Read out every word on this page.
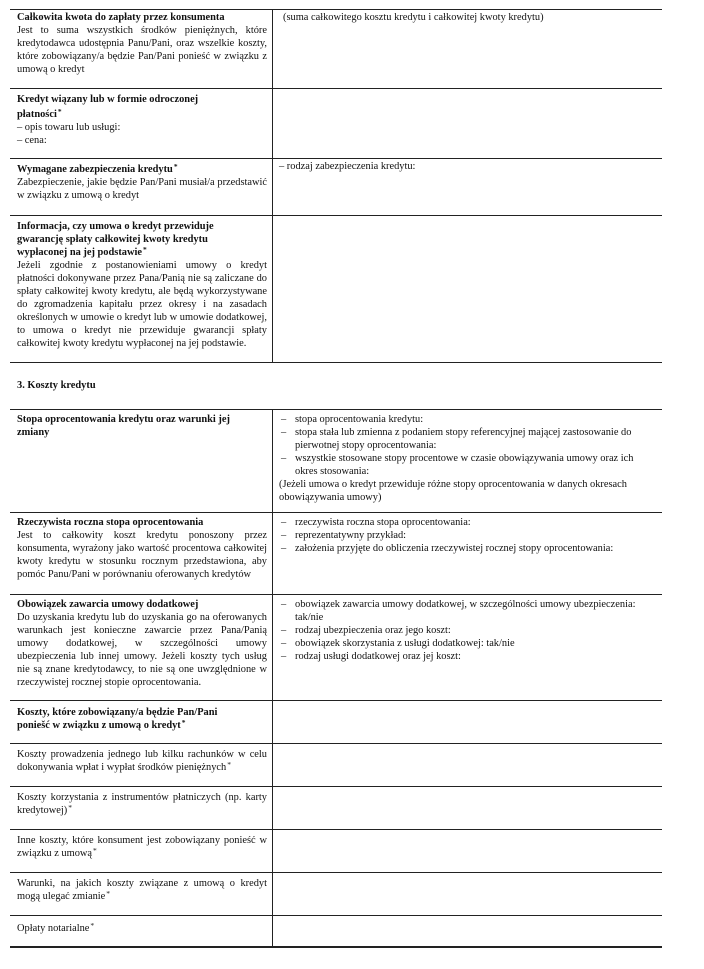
Całkowita kwota do zapłaty przez konsumenta
Jest to suma wszystkich środków pieniężnych, które kredytodawca udostępnia Panu/Pani, oraz wszelkie koszty, które zobowiązany/a będzie Pan/Pani ponieść w związku z umową o kredyt
(suma całkowitego kosztu kredytu i całkowitej kwoty kredytu)
Kredyt wiązany lub w formie odroczonej
płatności*
– opis towaru lub usługi:
– cena:
Wymagane zabezpieczenia kredytu*
Zabezpieczenie, jakie będzie Pan/Pani musiał/a przedstawić w związku z umową o kredyt
– rodzaj zabezpieczenia kredytu:
Informacja, czy umowa o kredyt przewiduje gwarancję spłaty całkowitej kwoty kredytu wypłaconej na jej podstawie*
Jeżeli zgodnie z postanowieniami umowy o kredyt płatności dokonywane przez Pana/Panią nie są zaliczane do spłaty całkowitej kwoty kredytu, ale będą wykorzystywane do zgromadzenia kapitału przez okresy i na zasadach określonych w umowie o kredyt lub w umowie dodatkowej, to umowa o kredyt nie przewiduje gwarancji spłaty całkowitej kwoty kredytu wypłaconej na jej podstawie.
3. Koszty kredytu
Stopa oprocentowania kredytu oraz warunki jej zmiany
– stopa oprocentowania kredytu:
– stopa stała lub zmienna z podaniem stopy referencyjnej mającej zastosowanie do pierwotnej stopy oprocentowania:
– wszystkie stosowane stopy procentowe w czasie obowiązywania umowy oraz ich okres stosowania:
(Jeżeli umowa o kredyt przewiduje różne stopy oprocentowania w danych okresach obowiązywania umowy)
Rzeczywista roczna stopa oprocentowania
Jest to całkowity koszt kredytu ponoszony przez konsumenta, wyrażony jako wartość procentowa całkowitej kwoty kredytu w stosunku rocznym przedstawiona, aby pomóc Panu/Pani w porównaniu oferowanych kredytów
– rzeczywista roczna stopa oprocentowania:
– reprezentatywny przykład:
– założenia przyjęte do obliczenia rzeczywistej rocznej stopy oprocentowania:
Obowiązek zawarcia umowy dodatkowej
Do uzyskania kredytu lub do uzyskania go na oferowanych warunkach jest konieczne zawarcie przez Pana/Panią umowy dodatkowej, w szczególności umowy ubezpieczenia lub innej umowy. Jeżeli koszty tych usług nie są znane kredytodawcy, to nie są one uwzględnione w rzeczywistej rocznej stopie oprocentowania.
– obowiązek zawarcia umowy dodatkowej, w szczególności umowy ubezpieczenia: tak/nie
– rodzaj ubezpieczenia oraz jego koszt:
– obowiązek skorzystania z usługi dodatkowej: tak/nie
– rodzaj usługi dodatkowej oraz jej koszt:
Koszty, które zobowiązany/a będzie Pan/Pani poniešć w związku z umową o kredyt*
Koszty prowadzenia jednego lub kilku rachunków w celu dokonywania wpłat i wypłat środków pieniężnych*
Koszty korzystania z instrumentów płatniczych (np. karty kredytowej)*
Inne koszty, które konsument jest zobowiązany ponieść w związku z umową*
Warunki, na jakich koszty związane z umową o kredyt mogą ulegać zmianie*
Opłaty notarialne*
